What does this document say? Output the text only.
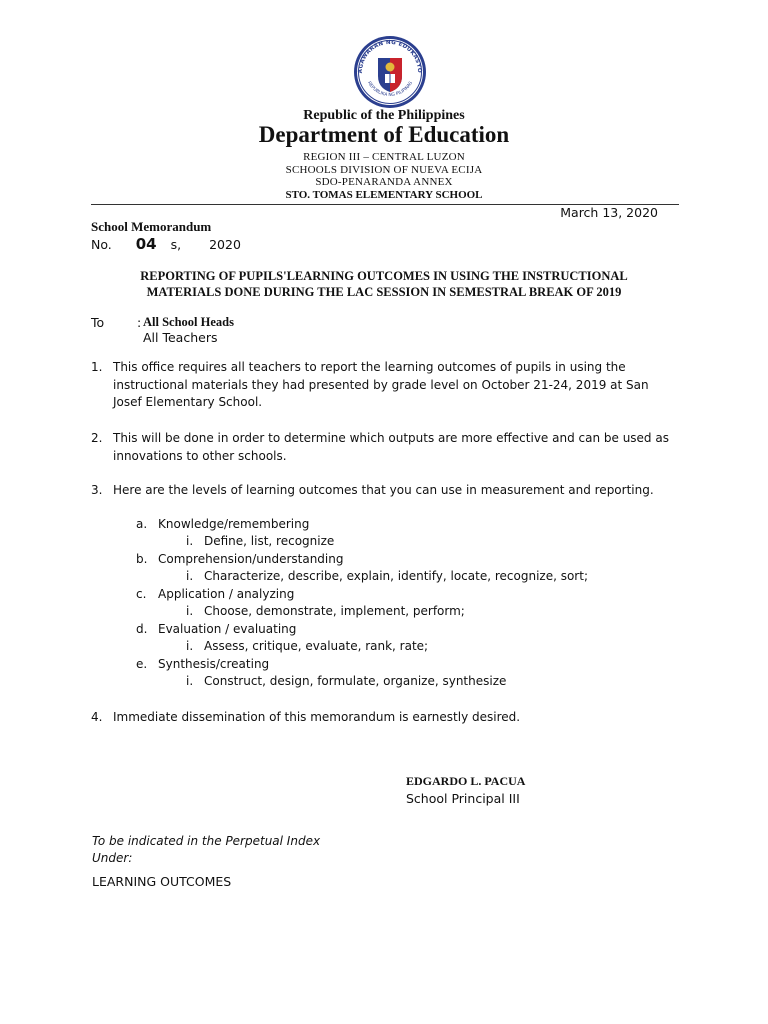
AGAWARAN NG EDUKASYO
REPUBLIKA NG PILIPINAS
Republic of the Philippines
Department of Education
REGION III – CENTRAL LUZON
SCHOOLS DIVISION OF NUEVA ECIJA
SDO-PENARANDA ANNEX
STO. TOMAS ELEMENTARY SCHOOL
March 13, 2020
School Memorandum
No. 04 s, 2020
REPORTING OF PUPILS'LEARNING OUTCOMES IN USING THE INSTRUCTIONAL
MATERIALS DONE DURING THE LAC SESSION IN SEMESTRAL BREAK OF 2019
To	: All School Heads
All Teachers
1. This office requires all teachers to report the learning outcomes of pupils in using the
instructional materials they had presented by grade level on October 21-24, 2019 at San
Josef Elementary School.
2. This will be done in order to determine which outputs are more effective and can be used as
innovations to other schools.
3. Here are the levels of learning outcomes that you can use in measurement and reporting.
a. Knowledge/remembering
i. Define, list, recognize
b. Comprehension/understanding
i. Characterize, describe, explain, identify, locate, recognize, sort;
c. Application / analyzing
i. Choose, demonstrate, implement, perform;
d. Evaluation / evaluating
i. Assess, critique, evaluate, rank, rate;
e. Synthesis/creating
i. Construct, design, formulate, organize, synthesize
4. Immediate dissemination of this memorandum is earnestly desired.
EDGARDO L. PACUA
School Principal III
To be indicated in the Perpetual Index
Under:
LEARNING OUTCOMES
